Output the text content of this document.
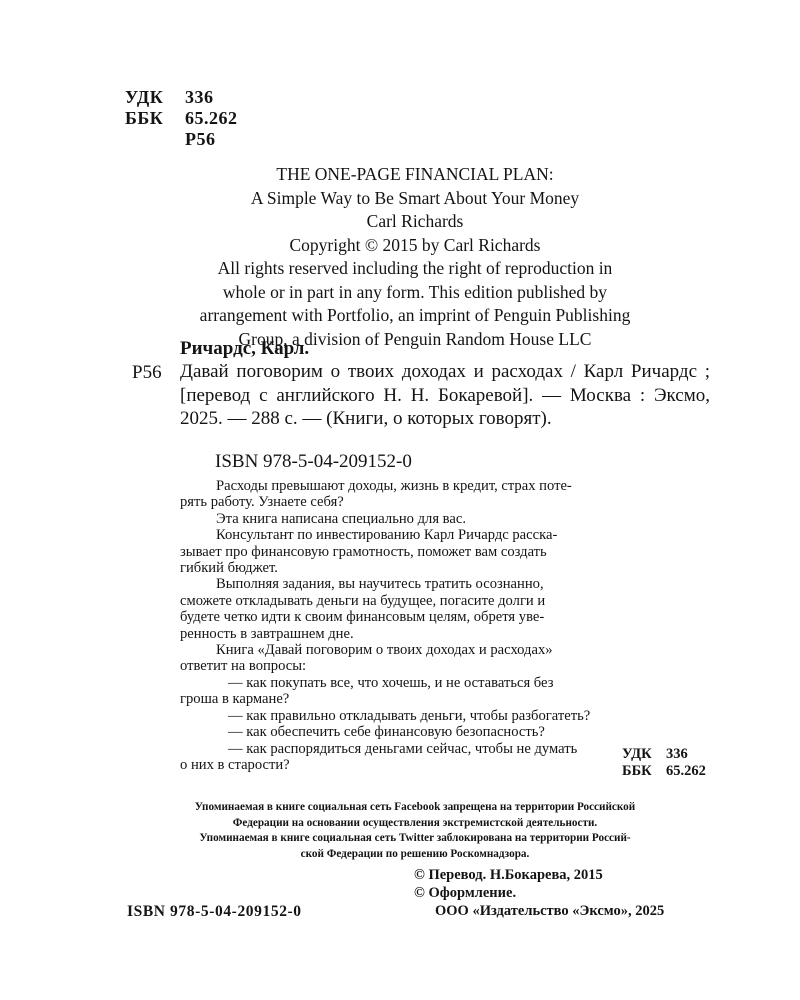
УДК 336
ББК 65.262
Р56
THE ONE-PAGE FINANCIAL PLAN:
A Simple Way to Be Smart About Your Money
Carl Richards
Copyright © 2015 by Carl Richards
All rights reserved including the right of reproduction in
whole or in part in any form. This edition published by
arrangement with Portfolio, an imprint of Penguin Publishing
Group, a division of Penguin Random House LLC
Ричардс, Карл.
Р56 Давай поговорим о твоих доходах и расходах / Карл Ричардс ; [перевод с английского Н. Н. Бокаревой]. — Москва : Эксмо, 2025. — 288 с. — (Книги, о которых говорят).
ISBN 978-5-04-209152-0

Расходы превышают доходы, жизнь в кредит, страх поте-

рять работу. Узнаете себя?

Эта книга написана специально для вас.

Консультант по инвестированию Карл Ричардс расска-

зывает про финансовую грамотность, поможет вам создать

гибкий бюджет.

Выполняя задания, вы научитесь тратить осознанно,

сможете откладывать деньги на будущее, погасите долги и

будете четко идти к своим финансовым целям, обретя уве-

ренность в завтрашнем дне.

Книга «Давай поговорим о твоих доходах и расходах»

ответит на вопросы:

— как покупать все, что хочешь, и не оставаться без

гроша в кармане?

— как правильно откладывать деньги, чтобы разбогатеть?

— как обеспечить себе финансовую безопасность?

— как распорядиться деньгами сейчас, чтобы не думать

о них в старости?

УДК 336
ББК 65.262
Упоминаемая в книге социальная сеть Facebook запрещена на территории Российской
Федерации на основании осуществления экстремистской деятельности.
Упоминаемая в книге социальная сеть Twitter заблокирована на территории Россий-
ской Федерации по решению Роскомнадзора.
© Перевод. Н.Бокарева, 2015
© Оформление.
ISBN 978-5-04-209152-0	ООО «Издательство «Эксмо», 2025
